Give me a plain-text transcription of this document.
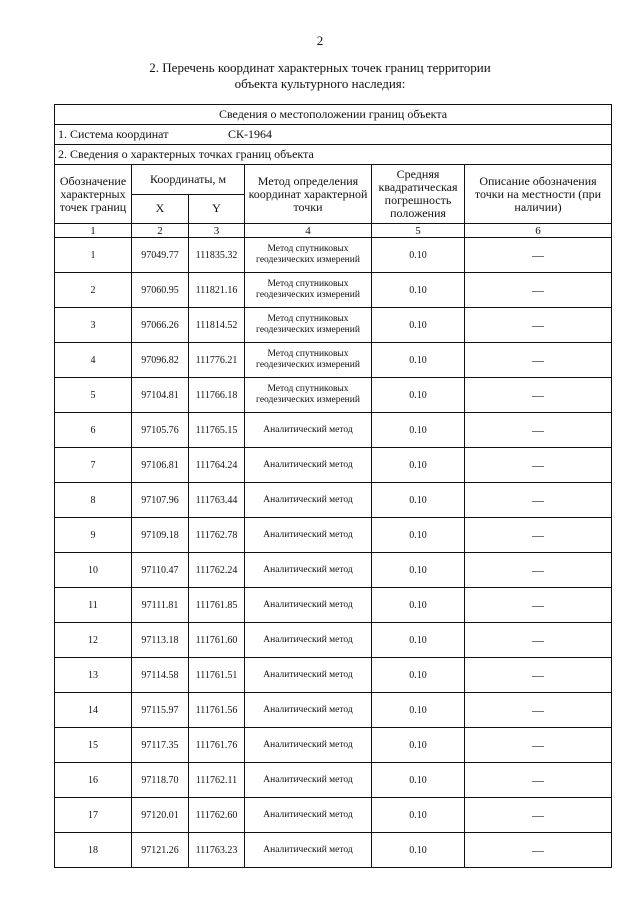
2
2. Перечень координат характерных точек границ территории
объекта культурного наследия:
Сведения о местоположении границ объекта					
1. Система координат СК-1964					
2. Сведения о характерных точках границ объекта					
Обозначение характерных точек границ	Координаты, м		Метод определения координат характерной точки	Средняя квадратическая погрешность положения	Описание обозначения точки на местности (при наличии)
	X	Y			
1	2	3	4	5	6
1	97049.77	111835.32	Метод спутниковых геодезических измерений	0.10	—
2	97060.95	111821.16	Метод спутниковых геодезических измерений	0.10	—
3	97066.26	111814.52	Метод спутниковых геодезических измерений	0.10	—
4	97096.82	111776.21	Метод спутниковых геодезических измерений	0.10	—
5	97104.81	111766.18	Метод спутниковых геодезических измерений	0.10	—
6	97105.76	111765.15	Аналитический метод	0.10	—
7	97106.81	111764.24	Аналитический метод	0.10	—
8	97107.96	111763.44	Аналитический метод	0.10	—
9	97109.18	111762.78	Аналитический метод	0.10	—
10	97110.47	111762.24	Аналитический метод	0.10	—
11	97111.81	111761.85	Аналитический метод	0.10	—
12	97113.18	111761.60	Аналитический метод	0.10	—
13	97114.58	111761.51	Аналитический метод	0.10	—
14	97115.97	111761.56	Аналитический метод	0.10	—
15	97117.35	111761.76	Аналитический метод	0.10	—
16	97118.70	111762.11	Аналитический метод	0.10	—
17	97120.01	111762.60	Аналитический метод	0.10	—
18	97121.26	111763.23	Аналитический метод	0.10	—
